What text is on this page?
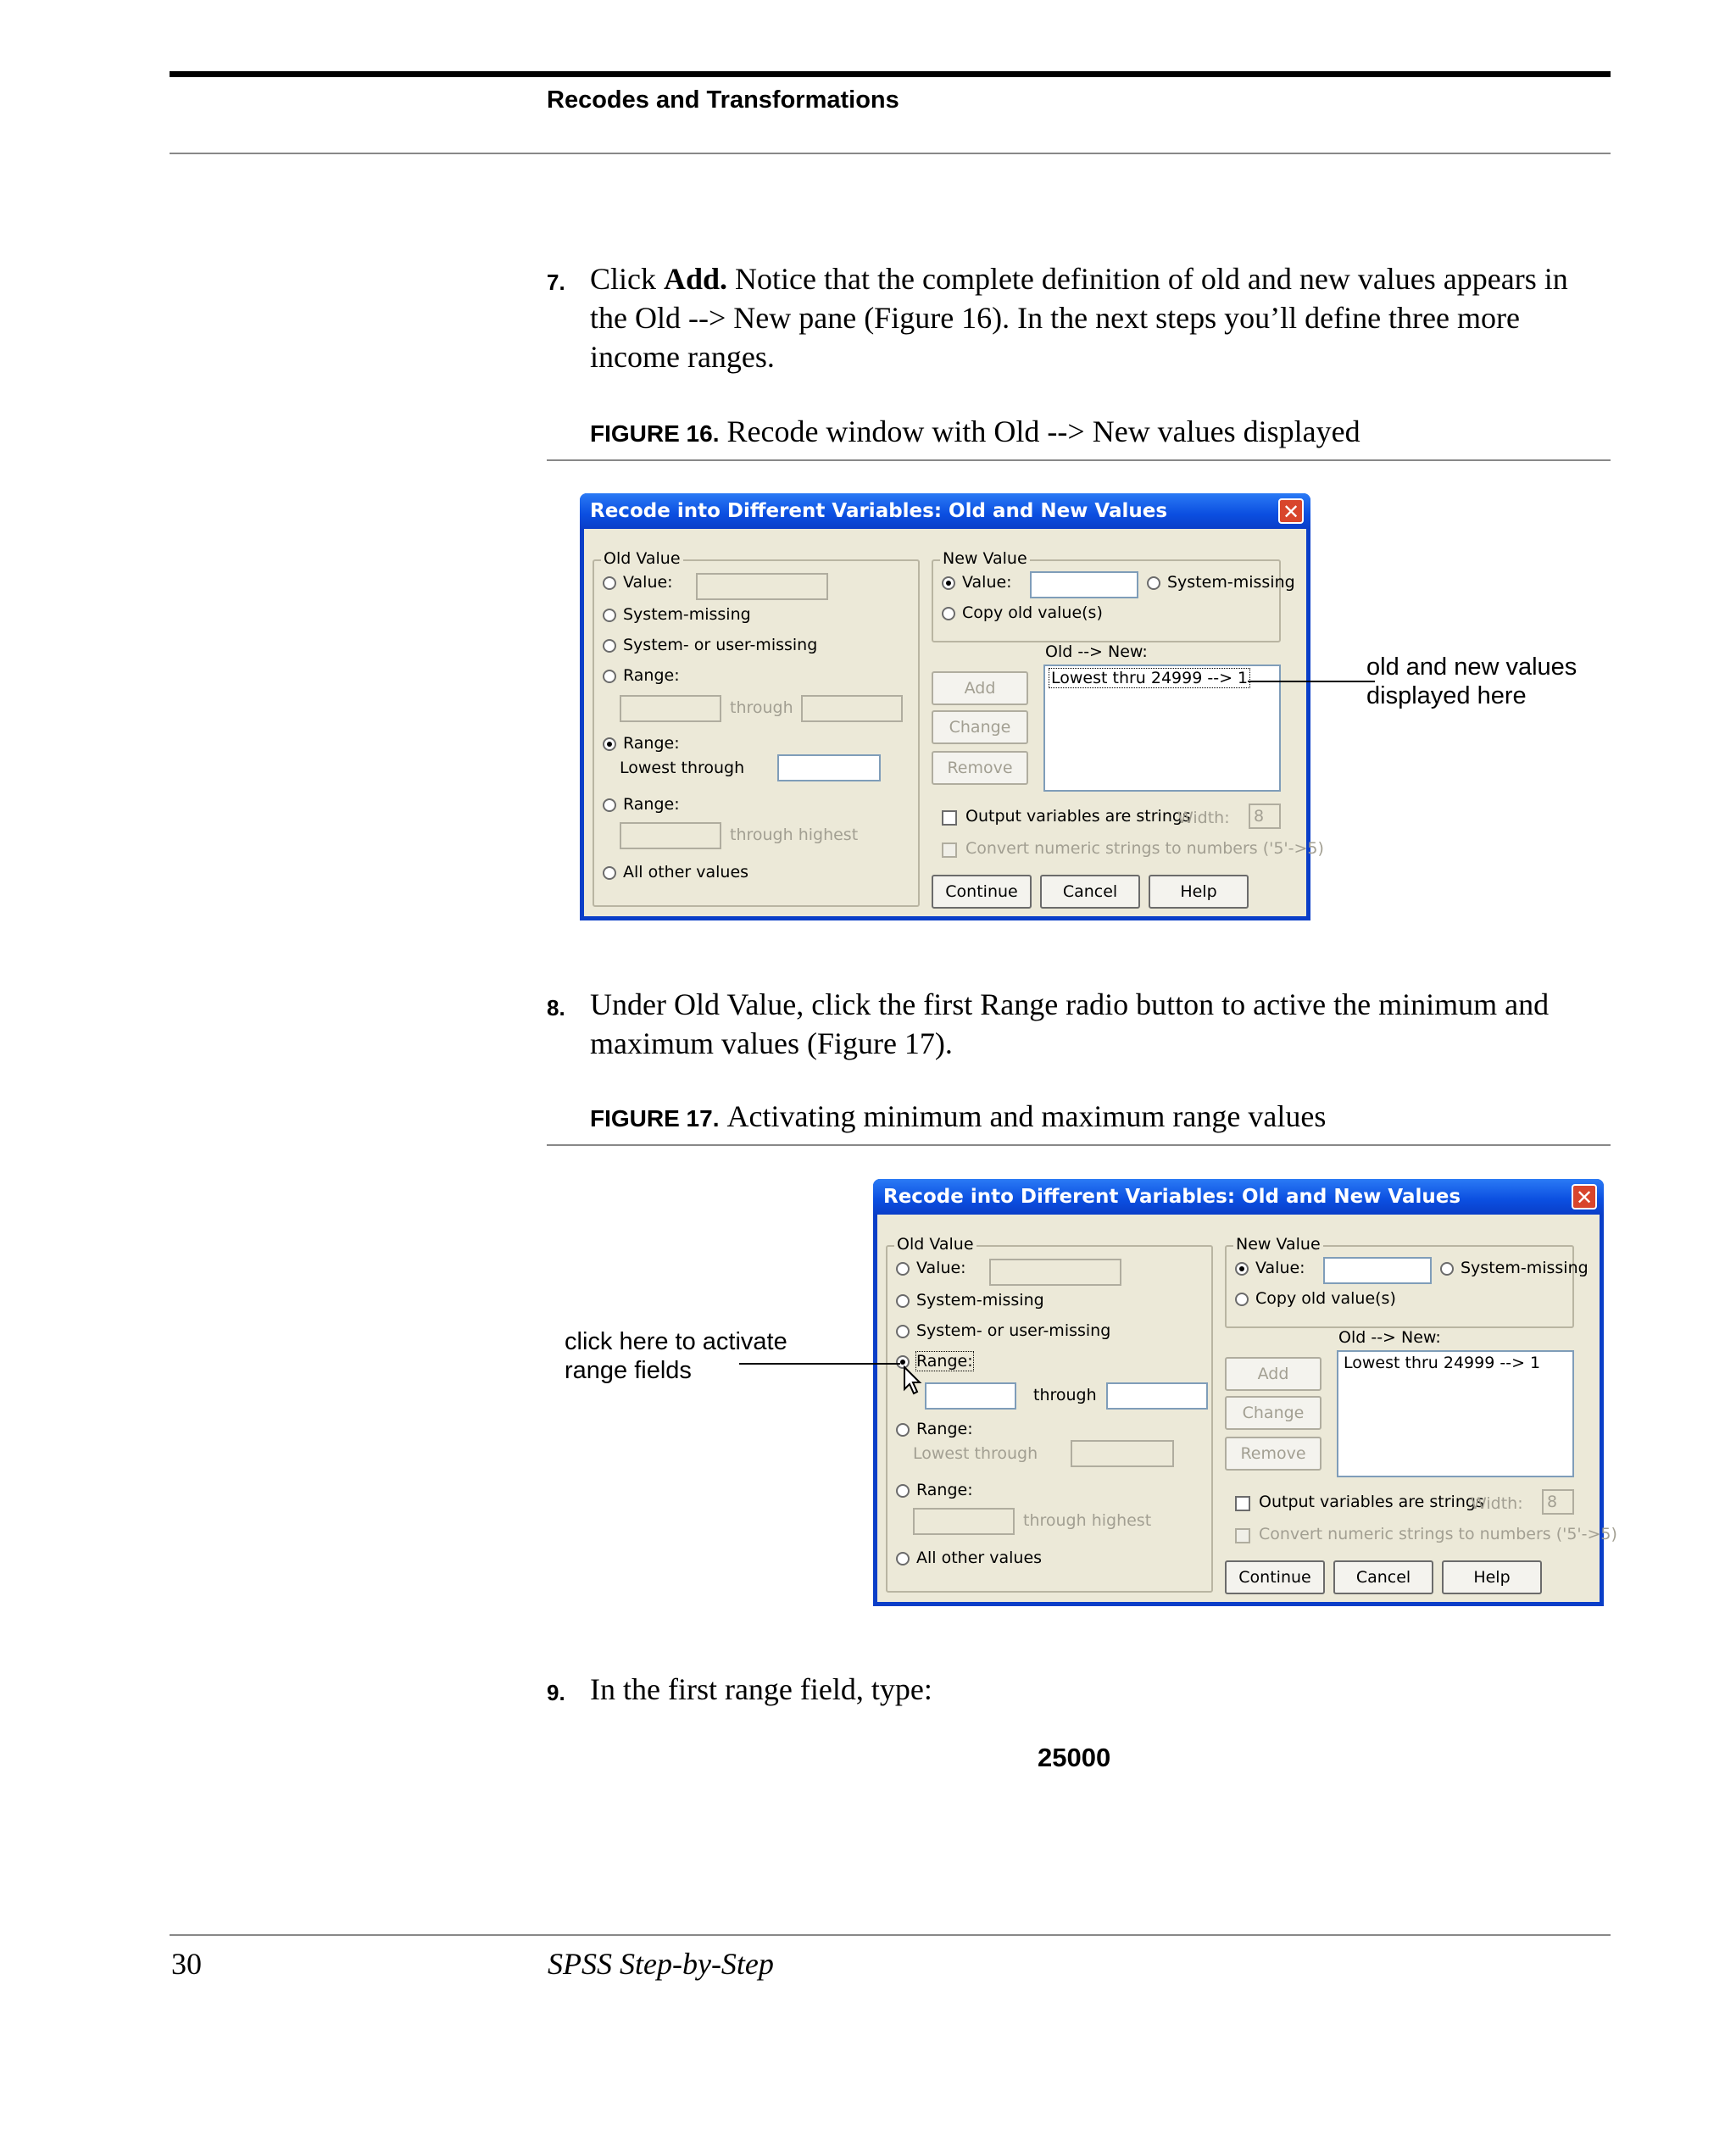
Recodes and Transformations
7. Click Add. Notice that the complete definition of old and new values appears in the Old --> New pane (Figure 16). In the next steps you’ll define three more income ranges.
FIGURE 16. Recode window with Old --> New values displayed
Recode into Different Variables: Old and New Values	✕
Old Value
Value:
System-missing
System- or user-missing
Range:
through
Range:
Lowest through
Range:
through highest
All other values
New Value
Value:	System-missing
Copy old value(s)
Old --> New:
Add
Change
Remove
Lowest thru 24999 --> 1
Output variables are strings
Width: 8
Convert numeric strings to numbers ('5'->5)
Continue	Cancel	Help
old and new values displayed here
8. Under Old Value, click the first Range radio button to active the minimum and maximum values (Figure 17).
FIGURE 17. Activating minimum and maximum range values
Recode into Different Variables: Old and New Values	✕
Old Value
Value:
System-missing
System- or user-missing
Range:
through
Range:
Lowest through
Range:
through highest
All other values
New Value
Value:	System-missing
Copy old value(s)
Old --> New:
Add
Change
Remove
Lowest thru 24999 --> 1
Output variables are strings
Width: 8
Convert numeric strings to numbers ('5'->5)
Continue	Cancel	Help
click here to activate range fields
9. In the first range field, type:
25000
30	SPSS Step-by-Step
